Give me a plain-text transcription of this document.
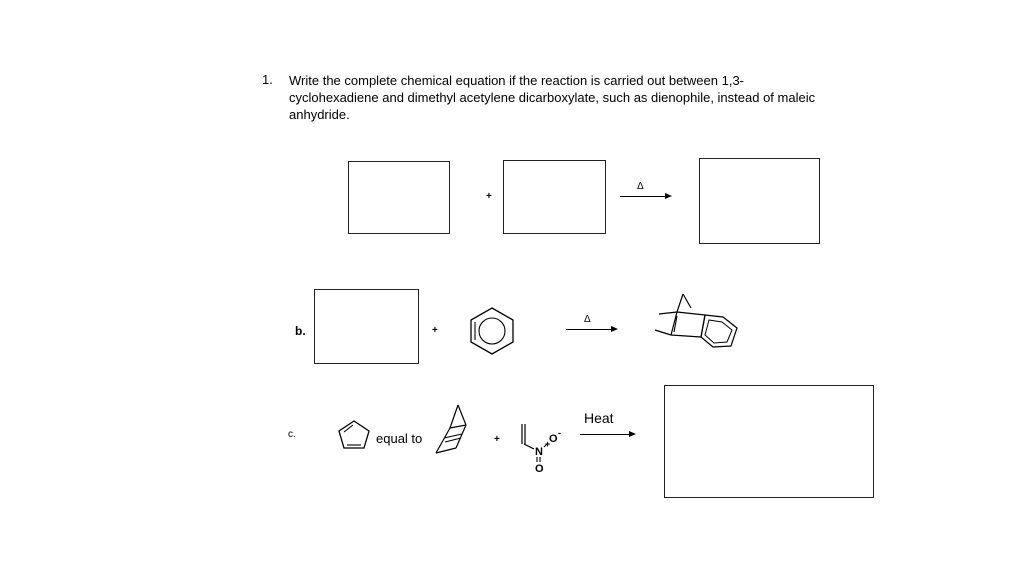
1. Write the complete chemical equation if the reaction is carried out between 1,3-cyclohexadiene and dimethyl acetylene dicarboxylate, such as dienophile, instead of maleic anhydride.
+
Δ
b.	+
Δ
c.	equal to	+
N
+
O -
O
Heat
